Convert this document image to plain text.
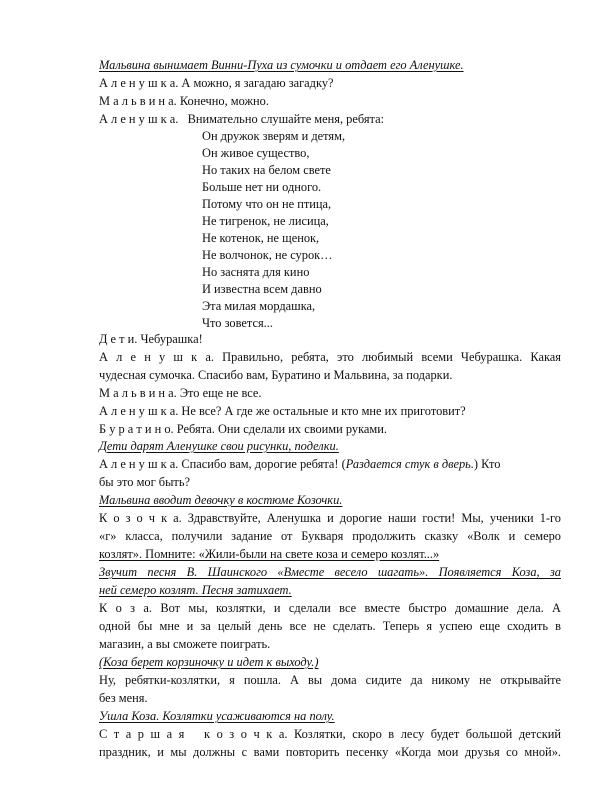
Мальвина вынимает Винни-Пуха из сумочки и отдает его Аленушке.
А л е н у ш к а. А можно, я загадаю загадку?
М а л ь в и н а. Конечно, можно.
А л е н у ш к а.   Внимательно слушайте меня, ребята:
Он дружок зверям и детям,
Он живое существо,
Но таких на белом свете
Больше нет ни одного.
Потому что он не птица,
Не тигренок, не лисица,
Не котенок, не щенок,
Не волчонок, не сурок…
Но заснята для кино
И известна всем давно
Эта милая мордашка,
Что зовется...
Д е т и. Чебурашка!
А л е н у ш к а. Правильно, ребята, это любимый всеми Чебурашка. Какая
чудесная сумочка. Спасибо вам, Буратино и Мальвина, за подарки.
М а л ь в и н а. Это еще не все.
А л е н у ш к а. Не все? А где же остальные и кто мне их приготовит?
Б у р а т и н о. Ребята. Они сделали их своими руками.
Дети дарят Аленушке свои рисунки, поделки.
А л е н у ш к а. Спасибо вам, дорогие ребята! (Раздается стук в дверь.) Кто
бы это мог быть?
Мальвина вводит девочку в костюме Козочки.
К о з о ч к а. Здравствуйте, Аленушка и дорогие наши гости! Мы, ученики 1-го
«г» класса, получили задание от Букваря продолжить сказку «Волк и семеро
козлят». Помните: «Жили-были на свете коза и семеро козлят...»
Звучит песня В. Шаинского «Вместе весело шагать». Появляется Коза, за
ней семеро козлят. Песня затихает.
К о з а. Вот мы, козлятки, и сделали все вместе быстро домашние дела. А
одной бы мне и за целый день все не сделать. Теперь я успею еще сходить в
магазин, а вы сможете поиграть.
(Коза берет корзиночку и идет к выходу.)
Ну, ребятки-козлятки, я пошла. А вы дома сидите да никому не открывайте
без меня.
Ушла Коза. Козлятки усаживаются на полу.
С т а р ш а я   к о з о ч к а. Козлятки, скоро в лесу будет большой детский
праздник, и мы должны с вами повторить песенку «Когда мои друзья со мной».
